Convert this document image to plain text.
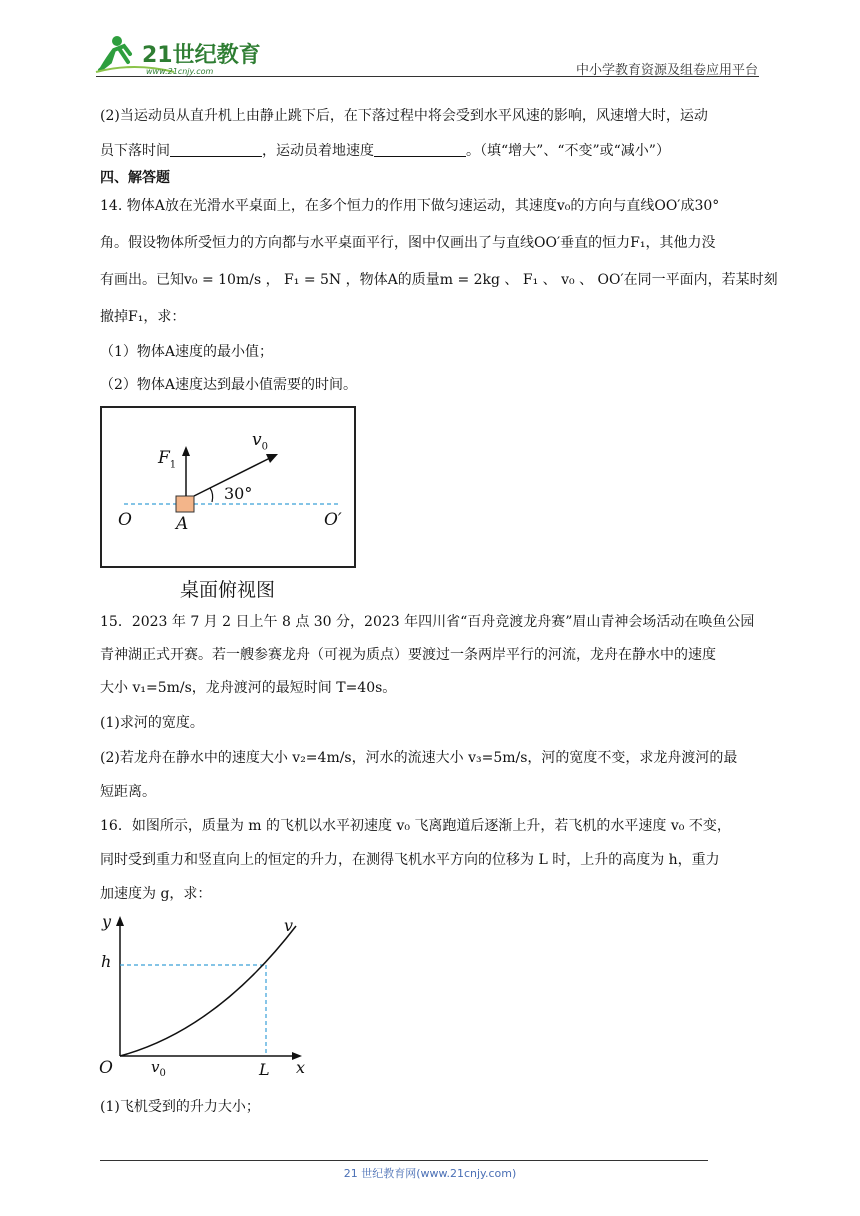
21世纪教育
www.21cnjy.com	中小学教育资源及组卷应用平台
(2)当运动员从直升机上由静止跳下后，在下落过程中将会受到水平风速的影响，风速增大时，运动
员下落时间	，运动员着地速度	。（填“增大”、“不变”或“减小”）
四、解答题
14. 物体A放在光滑水平桌面上，在多个恒力的作用下做匀速运动，其速度v₀的方向与直线OO′成30°
角。假设物体所受恒力的方向都与水平桌面平行，图中仅画出了与直线OO′垂直的恒力F₁，其他力没
有画出。已知v₀ = 10m/s ， F₁ = 5N ，物体A的质量m = 2kg 、 F₁ 、 v₀ 、 OO′在同一平面内，若某时刻
撤掉F₁，求：
（1）物体A速度的最小值；
（2）物体A速度达到最小值需要的时间。
$F_1$
$v_0$
30°
O	A	O′
桌面俯视图
15．2023 年 7 月 2 日上午 8 点 30 分，2023 年四川省“百舟竞渡龙舟赛”眉山青神会场活动在唤鱼公园
青神湖正式开赛。若一艘参赛龙舟（可视为质点）要渡过一条两岸平行的河流，龙舟在静水中的速度
大小 v₁=5m/s，龙舟渡河的最短时间 T=40s。
(1)求河的宽度。
(2)若龙舟在静水中的速度大小 v₂=4m/s，河水的流速大小 v₃=5m/s，河的宽度不变，求龙舟渡河的最
短距离。
16．如图所示，质量为 m 的飞机以水平初速度 v₀ 飞离跑道后逐渐上升，若飞机的水平速度 v₀ 不变，
同时受到重力和竖直向上的恒定的升力，在测得飞机水平方向的位移为 L 时，上升的高度为 h，重力
加速度为 g，求：
y
h
v
O	$v_0$	L x
(1)飞机受到的升力大小；
21 世纪教育网(www.21cnjy.com)
